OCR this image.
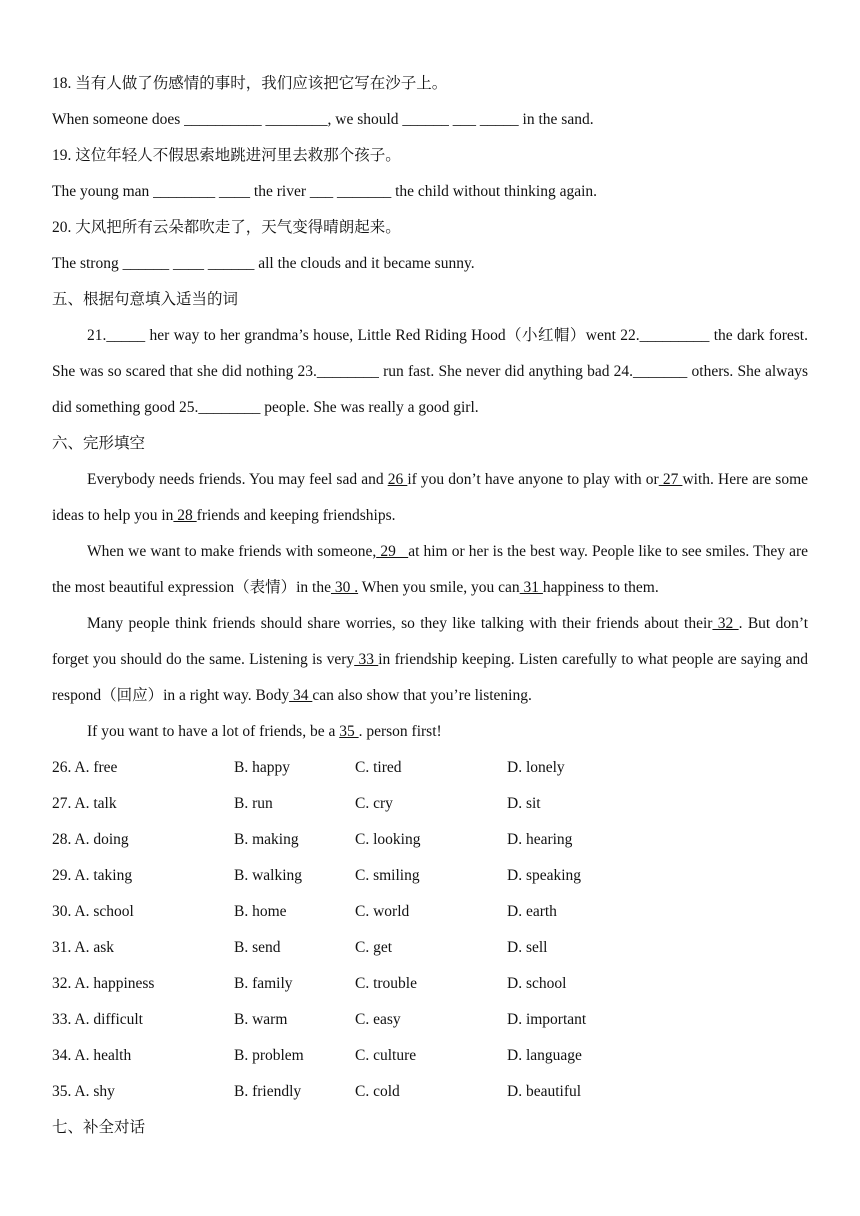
18. 当有人做了伤感情的事时，我们应该把它写在沙子上。
When someone does __________ ________, we should ______ ___ _____ in the sand.
19. 这位年轻人不假思索地跳进河里去救那个孩子。
The young man ________ ____ the river ___ _______ the child without thinking again.
20. 大风把所有云朵都吹走了，天气变得晴朗起来。
The strong ______ ____ ______ all the clouds and it became sunny.
五、根据句意填入适当的词
21._____ her way to her grandma’s house, Little Red Riding Hood（小红帽）went 22._________ the dark forest. She was so scared that she did nothing 23.________ run fast. She never did anything bad 24._______ others. She always did something good 25.________ people. She was really a good girl.
六、完形填空
Everybody needs friends. You may feel sad and 26 if you don’t have anyone to play with or 27 with. Here are some ideas to help you in 28 friends and keeping friendships.
When we want to make friends with someone, 29   at him or her is the best way. People like to see smiles. They are the most beautiful expression（表情）in the 30 . When you smile, you can 31 happiness to them.
Many people think friends should share worries, so they like talking with their friends about their 32 . But don’t forget you should do the same. Listening is very 33 in friendship keeping. Listen carefully to what people are saying and respond（回应）in a right way. Body 34 can also show that you’re listening.
If you want to have a lot of friends, be a 35 . person first!
26. A. free	B. happy	C. tired	D. lonely
27. A. talk	B. run	C. cry	D. sit
28. A. doing	B. making	C. looking	D. hearing
29. A. taking	B. walking	C. smiling	D. speaking
30. A. school	B. home	C. world	D. earth
31. A. ask	B. send	C. get	D. sell
32. A. happiness	B. family	C. trouble	D. school
33. A. difficult	B. warm	C. easy	D. important
34. A. health	B. problem	C. culture	D. language
35. A. shy	B. friendly	C. cold	D. beautiful
七、补全对话
